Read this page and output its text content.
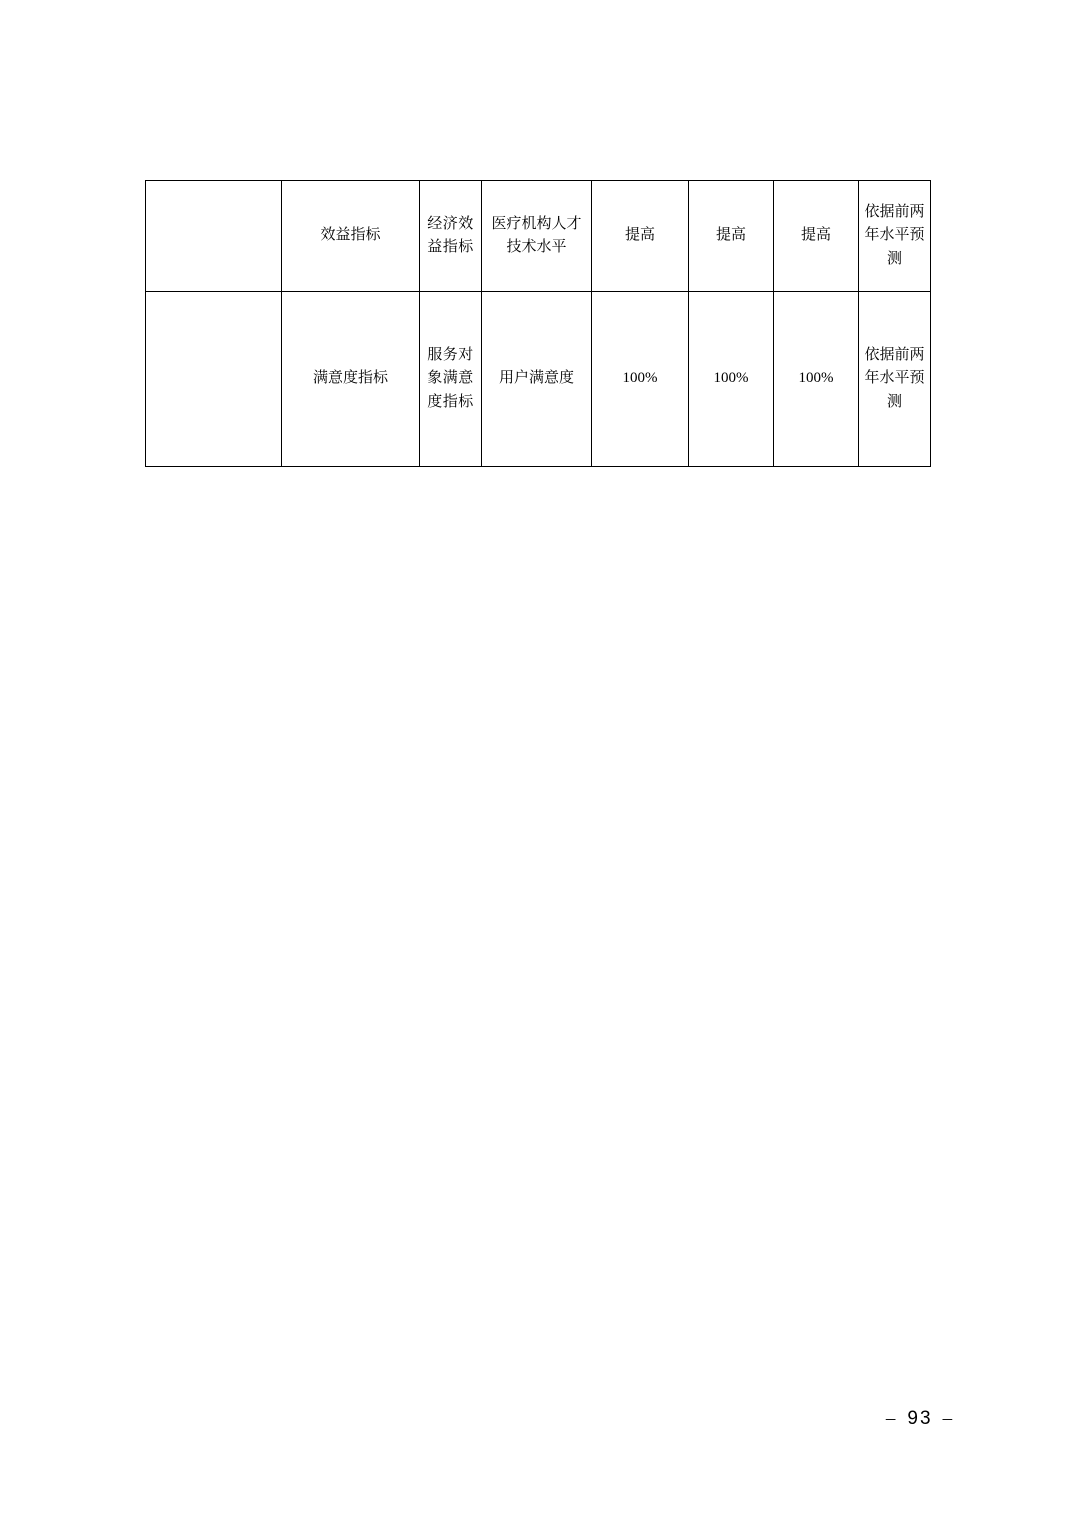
	效益指标	经济效益指标	医疗机构人才技术水平	提高	提高	提高	依据前两年水平预测
	满意度指标	服务对象满意度指标	用户满意度	100%	100%	100%	依据前两年水平预测
– 93 –
